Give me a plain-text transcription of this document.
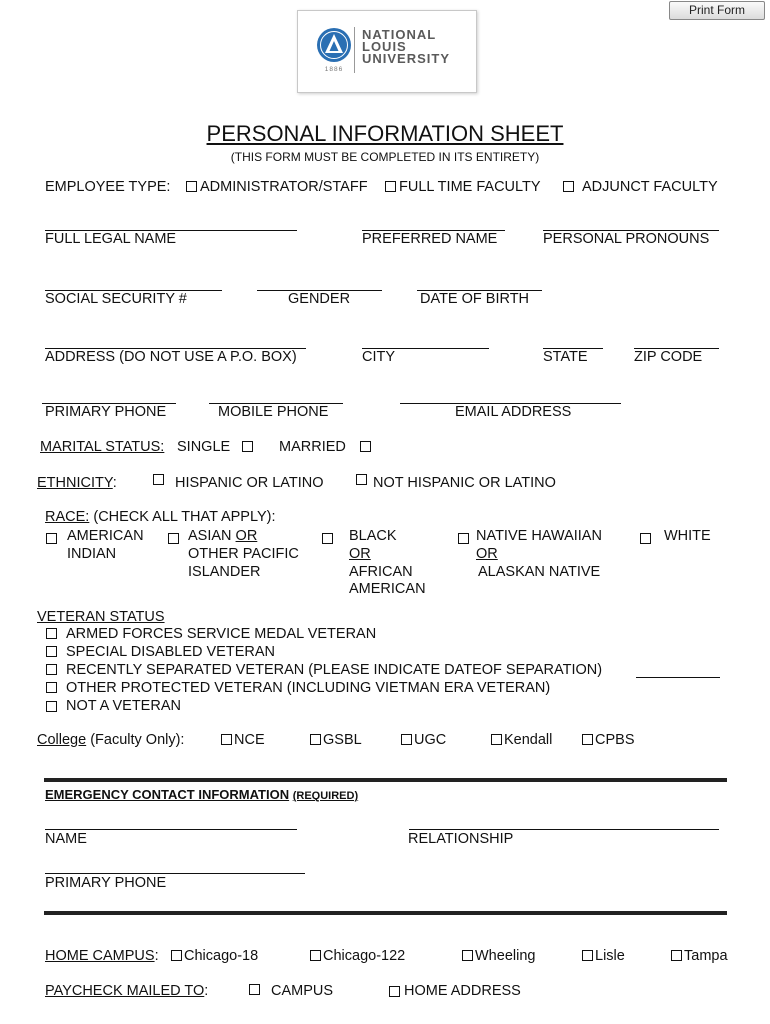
Print Form
1886
NATIONAL
LOUIS
UNIVERSITY
PERSONAL INFORMATION SHEET
(THIS FORM MUST BE COMPLETED IN ITS ENTIRETY)
EMPLOYEE TYPE: ADMINISTRATOR/STAFF FULL TIME FACULTY	ADJUNCT FACULTY
FULL LEGAL NAME	PREFERRED NAME	PERSONAL PRONOUNS
SOCIAL SECURITY #	GENDER	DATE OF BIRTH
ADDRESS (DO NOT USE A P.O. BOX)	CITY	STATE	ZIP CODE
PRIMARY PHONE	MOBILE PHONE	EMAIL ADDRESS
MARITAL STATUS: SINGLE	MARRIED
ETHNICITY:	HISPANIC OR LATINO	NOT HISPANIC OR LATINO
RACE: (CHECK ALL THAT APPLY):
AMERICAN
INDIAN
ASIAN OR
OTHER PACIFIC
ISLANDER
BLACK
OR
AFRICAN
AMERICAN
NATIVE HAWAIIAN
OR
ALASKAN NATIVE
WHITE
VETERAN STATUS
ARMED FORCES SERVICE MEDAL VETERAN
SPECIAL DISABLED VETERAN
RECENTLY SEPARATED VETERAN (PLEASE INDICATE DATEOF SEPARATION)
OTHER PROTECTED VETERAN (INCLUDING VIETMAN ERA VETERAN)
NOT A VETERAN
College (Faculty Only):	NCE	GSBL	UGC	Kendall	CPBS
EMERGENCY CONTACT INFORMATION (REQUIRED)
NAME	RELATIONSHIP
PRIMARY PHONE
HOME CAMPUS: Chicago-18	Chicago-122	Wheeling	Lisle	Tampa
PAYCHECK MAILED TO:	CAMPUS	HOME ADDRESS
